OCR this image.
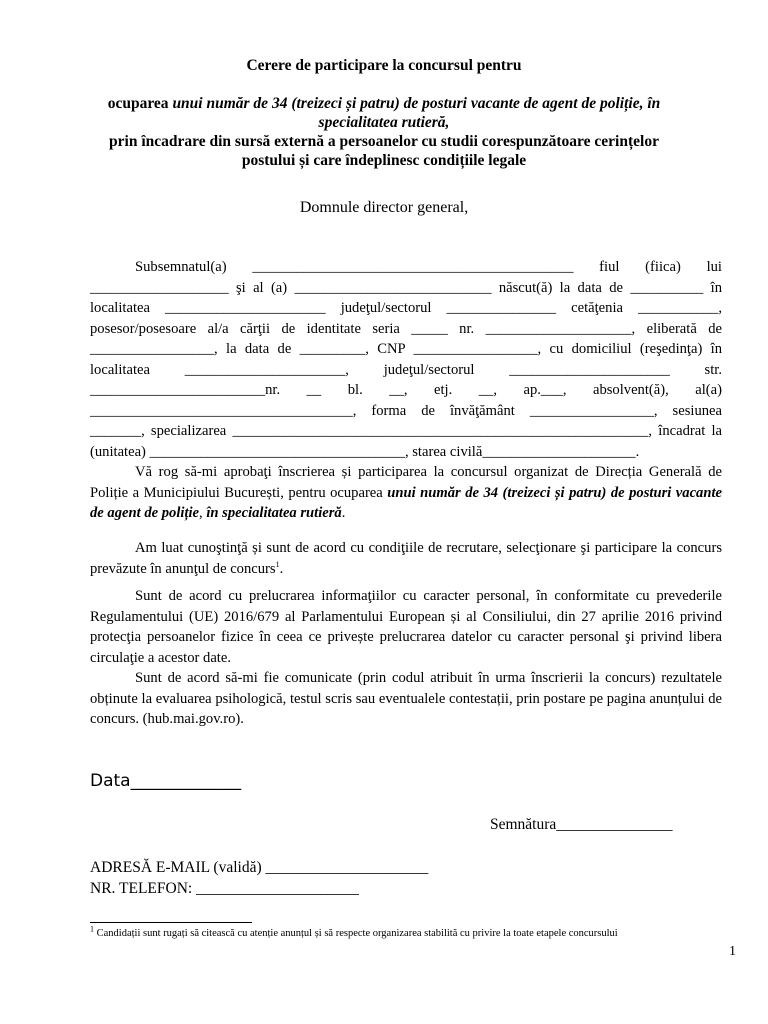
Cerere de participare la concursul pentru
ocuparea unui număr de 34 (treizeci și patru) de posturi vacante de agent de poliție, în specialitatea rutieră,
prin încadrare din sursă externă a persoanelor cu studii corespunzătoare cerințelor postului și care îndeplinesc condițiile legale
Domnule director general,
Subsemnatul(a) ____________________________________________ fiul (fiica) lui ___________________ şi al (a) ___________________________ născut(ă) la data de __________ în localitatea ______________________ judeţul/sectorul _______________ cetăţenia ___________, posesor/posesoare al/a cărţii de identitate seria _____ nr. ____________________, eliberată de _________________, la data de _________, CNP _________________, cu domiciliul (reşedinţa) în localitatea ______________________, judeţul/sectorul ______________________ str. ________________________nr. __ bl. __, etj. __, ap.___, absolvent(ă), al(a) ____________________________________, forma de învăţământ _________________, sesiunea _______, specializarea _________________________________________________________, încadrat la (unitatea) ___________________________________, starea civilă_____________________.
Vă rog să-mi aprobaţi înscrierea și participarea la concursul organizat de Direcția Generală de Poliție a Municipiului București, pentru ocuparea unui număr de 34 (treizeci și patru) de posturi vacante de agent de poliție, în specialitatea rutieră.
Am luat cunoştinţă și sunt de acord cu condiţiile de recrutare, selecţionare şi participare la concurs prevăzute în anunţul de concurs$^1$.
Sunt de acord cu prelucrarea informaţiilor cu caracter personal, în conformitate cu prevederile Regulamentului (UE) 2016/679 al Parlamentului European și al Consiliului, din 27 aprilie 2016 privind protecţia persoanelor fizice în ceea ce privește prelucrarea datelor cu caracter personal şi privind libera circulaţie a acestor date.
Sunt de acord să-mi fie comunicate (prin codul atribuit în urma înscrierii la concurs) rezultatele obținute la evaluarea psihologică, testul scris sau eventualele contestații, prin postare pe pagina anunțului de concurs. (hub.mai.gov.ro).
Data_____________
Semnătura_______________
ADRESĂ E-MAIL (validă) _____________________
NR. TELEFON: _____________________
$^1$ Candidații sunt rugați să citească cu atenție anunțul și să respecte organizarea stabilită cu privire la toate etapele concursului
1
